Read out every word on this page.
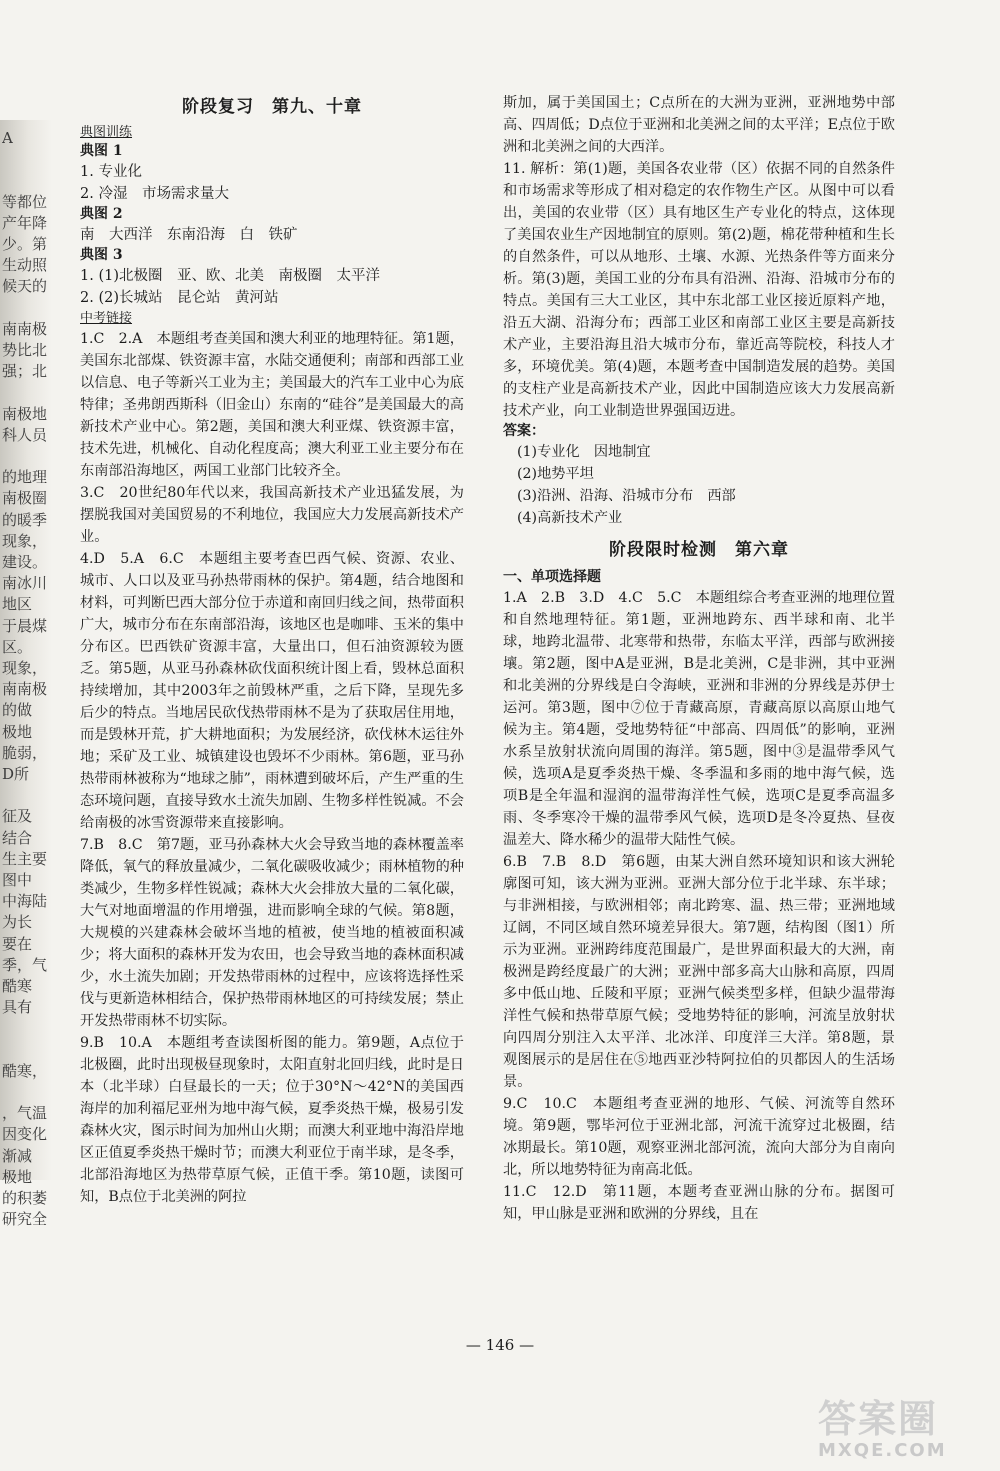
A
等都位
产年降
少。第
生动照
候天的
南南极
势比北
强；北
南极地
科人员
的地理
南极圈
的暖季
现象，
建设。
南冰川
地区
于晨煤
区。
现象，
南南极
的做
极地
脆弱，
D所
征及
结合
生主要
图中
中海陆
为长
要在
季，气
酷寒
具有
酷寒，
，气温
因变化
渐减
极地
的积萎
研究全
阶段复习　第九、十章
典图训练
典图 1
1. 专业化
2. 冷湿　市场需求量大
典图 2
南　大西洋　东南沿海　白　铁矿
典图 3
1. (1)北极圈　亚、欧、北美　南极圈　太平洋
2. (2)长城站　昆仑站　黄河站
中考链接

1.C　2.A　本题组考查美国和澳大利亚的地理特征。第1题，美国东北部煤、铁资源丰富，水陆交通便利；南部和西部工业以信息、电子等新兴工业为主；美国最大的汽车工业中心为底特律；圣弗朗西斯科（旧金山）东南的“硅谷”是美国最大的高新技术产业中心。第2题，美国和澳大利亚煤、铁资源丰富，技术先进，机械化、自动化程度高；澳大利亚工业主要分布在东南部沿海地区，两国工业部门比较齐全。

3.C　20世纪80年代以来，我国高新技术产业迅猛发展，为摆脱我国对美国贸易的不利地位，我国应大力发展高新技术产业。

4.D　5.A　6.C　本题组主要考查巴西气候、资源、农业、城市、人口以及亚马孙热带雨林的保护。第4题，结合地图和材料，可判断巴西大部分位于赤道和南回归线之间，热带面积广大，城市分布在东南部沿海，该地区也是咖啡、玉米的集中分布区。巴西铁矿资源丰富，大量出口，但石油资源较为匮乏。第5题，从亚马孙森林砍伐面积统计图上看，毁林总面积持续增加，其中2003年之前毁林严重，之后下降，呈现先多后少的特点。当地居民砍伐热带雨林不是为了获取居住用地，而是毁林开荒，扩大耕地面积；为发展经济，砍伐林木运往外地；采矿及工业、城镇建设也毁坏不少雨林。第6题，亚马孙热带雨林被称为“地球之肺”，雨林遭到破坏后，产生严重的生态环境问题，直接导致水土流失加剧、生物多样性锐减。不会给南极的冰雪资源带来直接影响。

7.B　8.C　第7题，亚马孙森林大火会导致当地的森林覆盖率降低，氧气的释放量减少，二氧化碳吸收减少；雨林植物的种类减少，生物多样性锐减；森林大火会排放大量的二氧化碳，大气对地面增温的作用增强，进而影响全球的气候。第8题，大规模的兴建森林会破坏当地的植被，使当地的植被面积减少；将大面积的森林开发为农田，也会导致当地的森林面积减少，水土流失加剧；开发热带雨林的过程中，应该将选择性采伐与更新造林相结合，保护热带雨林地区的可持续发展；禁止开发热带雨林不切实际。

9.B　10.A　本题组考查读图析图的能力。第9题，A点位于北极圈，此时出现极昼现象时，太阳直射北回归线，此时是日本（北半球）白昼最长的一天；位于30°N～42°N的美国西海岸的加利福尼亚州为地中海气候，夏季炎热干燥，极易引发森林火灾，图示时间为加州山火期；而澳大利亚地中海沿岸地区正值夏季炎热干燥时节；而澳大利亚位于南半球，是冬季，北部沿海地区为热带草原气候，正值干季。第10题，读图可知，B点位于北美洲的阿拉

斯加，属于美国国土；C点所在的大洲为亚洲，亚洲地势中部高、四周低；D点位于亚洲和北美洲之间的太平洋；E点位于欧洲和北美洲之间的大西洋。

11. 解析：第(1)题，美国各农业带（区）依据不同的自然条件和市场需求等形成了相对稳定的农作物生产区。从图中可以看出，美国的农业带（区）具有地区生产专业化的特点，这体现了美国农业生产因地制宜的原则。第(2)题，棉花带种植和生长的自然条件，可以从地形、土壤、水源、光热条件等方面来分析。第(3)题，美国工业的分布具有沿洲、沿海、沿城市分布的特点。美国有三大工业区，其中东北部工业区接近原料产地，沿五大湖、沿海分布；西部工业区和南部工业区主要是高新技术产业，主要沿海且沿大城市分布，靠近高等院校，科技人才多，环境优美。第(4)题，本题考查中国制造发展的趋势。美国的支柱产业是高新技术产业，因此中国制造应该大力发展高新技术产业，向工业制造世界强国迈进。

答案：
(1)专业化　因地制宜
(2)地势平坦
(3)沿洲、沿海、沿城市分布　西部
(4)高新技术产业
阶段限时检测　第六章
一、单项选择题

1.A　2.B　3.D　4.C　5.C　本题组综合考查亚洲的地理位置和自然地理特征。第1题，亚洲地跨东、西半球和南、北半球，地跨北温带、北寒带和热带，东临太平洋，西部与欧洲接壤。第2题，图中A是亚洲，B是北美洲，C是非洲，其中亚洲和北美洲的分界线是白令海峡，亚洲和非洲的分界线是苏伊士运河。第3题，图中⑦位于青藏高原，青藏高原以高原山地气候为主。第4题，受地势特征“中部高、四周低”的影响，亚洲水系呈放射状流向周围的海洋。第5题，图中③是温带季风气候，选项A是夏季炎热干燥、冬季温和多雨的地中海气候，选项B是全年温和湿润的温带海洋性气候，选项C是夏季高温多雨、冬季寒冷干燥的温带季风气候，选项D是冬冷夏热、昼夜温差大、降水稀少的温带大陆性气候。

6.B　7.B　8.D　第6题，由某大洲自然环境知识和该大洲轮廓图可知，该大洲为亚洲。亚洲大部分位于北半球、东半球；与非洲相接，与欧洲相邻；南北跨寒、温、热三带；亚洲地域辽阔，不同区域自然环境差异很大。第7题，结构图（图1）所示为亚洲。亚洲跨纬度范围最广，是世界面积最大的大洲，南极洲是跨经度最广的大洲；亚洲中部多高大山脉和高原，四周多中低山地、丘陵和平原；亚洲气候类型多样，但缺少温带海洋性气候和热带草原气候；受地势特征的影响，河流呈放射状向四周分别注入太平洋、北冰洋、印度洋三大洋。第8题，景观图展示的是居住在⑤地西亚沙特阿拉伯的贝都因人的生活场景。

9.C　10.C　本题组考查亚洲的地形、气候、河流等自然环境。第9题，鄂毕河位于亚洲北部，河流干流穿过北极圈，结冰期最长。第10题，观察亚洲北部河流，流向大部分为自南向北，所以地势特征为南高北低。

11.C　12.D　第11题，本题考查亚洲山脉的分布。据图可知，甲山脉是亚洲和欧洲的分界线，且在

— 146 —
答案圈
MXQE.COM
